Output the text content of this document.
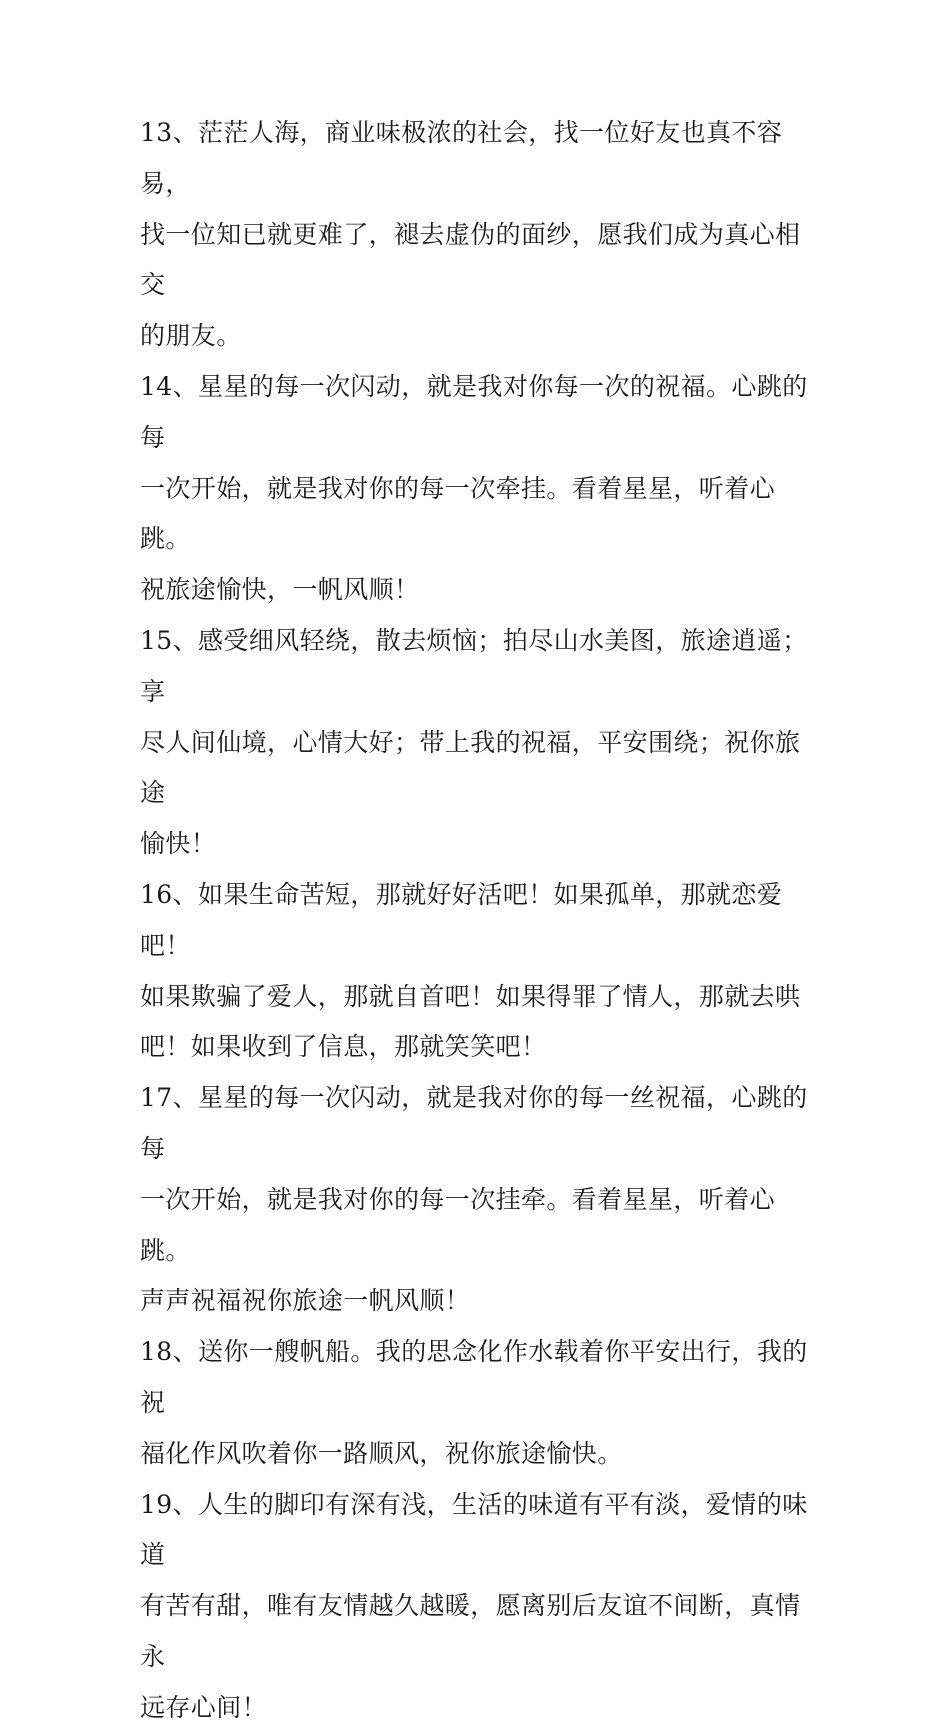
13、茫茫人海，商业味极浓的社会，找一位好友也真不容易，
找一位知已就更难了，褪去虚伪的面纱，愿我们成为真心相交
的朋友。
14、星星的每一次闪动，就是我对你每一次的祝福。心跳的每
一次开始，就是我对你的每一次牵挂。看着星星，听着心跳。
祝旅途愉快，一帆风顺！
15、感受细风轻绕，散去烦恼；拍尽山水美图，旅途逍遥；享
尽人间仙境，心情大好；带上我的祝福，平安围绕；祝你旅途
愉快！
16、如果生命苦短，那就好好活吧！如果孤单，那就恋爱吧！
如果欺骗了爱人，那就自首吧！如果得罪了情人，那就去哄
吧！如果收到了信息，那就笑笑吧！
17、星星的每一次闪动，就是我对你的每一丝祝福，心跳的每
一次开始，就是我对你的每一次挂牵。看着星星，听着心跳。
声声祝福祝你旅途一帆风顺！
18、送你一艘帆船。我的思念化作水载着你平安出行，我的祝
福化作风吹着你一路顺风，祝你旅途愉快。
19、人生的脚印有深有浅，生活的味道有平有淡，爱情的味道
有苦有甜，唯有友情越久越暖，愿离别后友谊不间断，真情永
远存心间！
